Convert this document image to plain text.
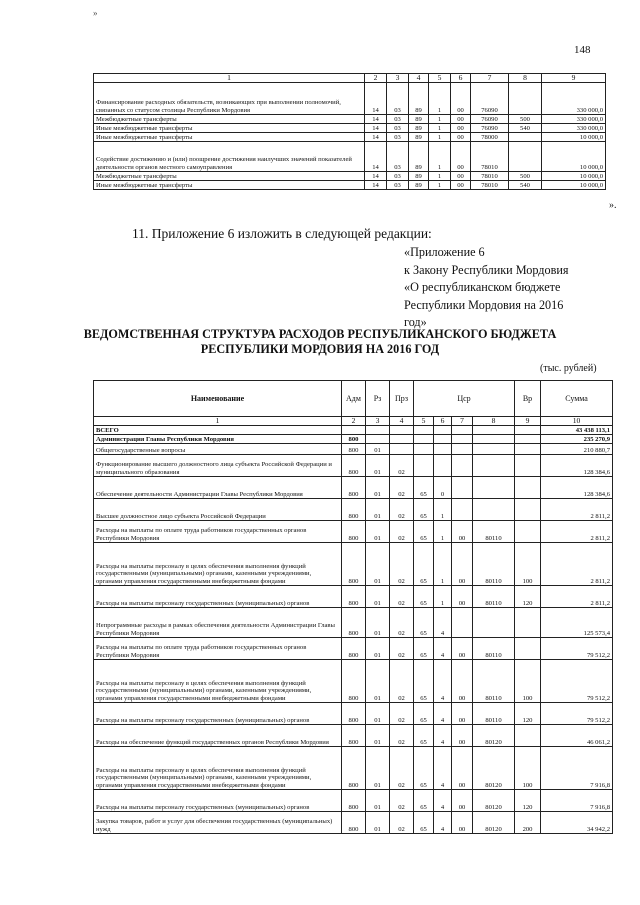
»
148
1	2	3	4	5	6	7	8	9
Финансирование расходных обязательств, возникающих при выполнении полномочий, связанных со статусом столицы Республики Мордовия	14	03	89	1	00	76090		330 000,0
Межбюджетные трансферты	14	03	89	1	00	76090	500	330 000,0
Иные межбюджетные трансферты	14	03	89	1	00	76090	540	330 000,0
Иные межбюджетные трансферты	14	03	89	1	00	78000		10 000,0
Содействие достижению и (или) поощрение достижения наилучших значений показателей деятельности органов местного самоуправления	14	03	89	1	00	78010		10 000,0
Межбюджетные трансферты	14	03	89	1	00	78010	500	10 000,0
Иные межбюджетные трансферты	14	03	89	1	00	78010	540	10 000,0
».
11. Приложение 6 изложить в следующей редакции:
«Приложение 6
к Закону Республики Мордовия
«О республиканском бюджете
Республики Мордовия на 2016
год»
ВЕДОМСТВЕННАЯ СТРУКТУРА РАСХОДОВ РЕСПУБЛИКАНСКОГО БЮДЖЕТА
РЕСПУБЛИКИ МОРДОВИЯ НА 2016 ГОД
(тыс. рублей)
Наименование	Адм	Рз	Прз	Цср				Вр	Сумма
1	2	3	4	5	6	7	8	9	10
ВСЕГО									43 438 113,1
Администрация Главы Республики Мордовия	800								235 270,9
Общегосударственные вопросы	800	01							210 880,7
Функционирование высшего должностного лица субъекта Российской Федерации и муниципального образования	800	01	02						128 384,6
Обеспечение деятельности Администрации Главы Республики Мордовия	800	01	02	65	0				128 384,6
Высшее должностное лицо субъекта Российской Федерации	800	01	02	65	1				2 811,2
Расходы на выплаты по оплате труда работников государственных органов Республики Мордовия	800	01	02	65	1	00	80110		2 811,2
Расходы на выплаты персоналу в целях обеспечения выполнения функций государственными (муниципальными) органами, казенными учреждениями, органами управления государственными внебюджетными фондами	800	01	02	65	1	00	80110	100	2 811,2
Расходы на выплаты персоналу государственных (муниципальных) органов	800	01	02	65	1	00	80110	120	2 811,2
Непрограммные расходы в рамках обеспечения деятельности Администрации Главы Республики Мордовия	800	01	02	65	4				125 573,4
Расходы на выплаты по оплате труда работников государственных органов Республики Мордовия	800	01	02	65	4	00	80110		79 512,2
Расходы на выплаты персоналу в целях обеспечения выполнения функций государственными (муниципальными) органами, казенными учреждениями, органами управления государственными внебюджетными фондами	800	01	02	65	4	00	80110	100	79 512,2
Расходы на выплаты персоналу государственных (муниципальных) органов	800	01	02	65	4	00	80110	120	79 512,2
Расходы на обеспечение функций государственных органов Республики Мордовия	800	01	02	65	4	00	80120		46 061,2
Расходы на выплаты персоналу в целях обеспечения выполнения функций государственными (муниципальными) органами, казенными учреждениями, органами управления государственными внебюджетными фондами	800	01	02	65	4	00	80120	100	7 916,8
Расходы на выплаты персоналу государственных (муниципальных) органов	800	01	02	65	4	00	80120	120	7 916,8
Закупка товаров, работ и услуг для обеспечения государственных (муниципальных) нужд	800	01	02	65	4	00	80120	200	34 942,2
